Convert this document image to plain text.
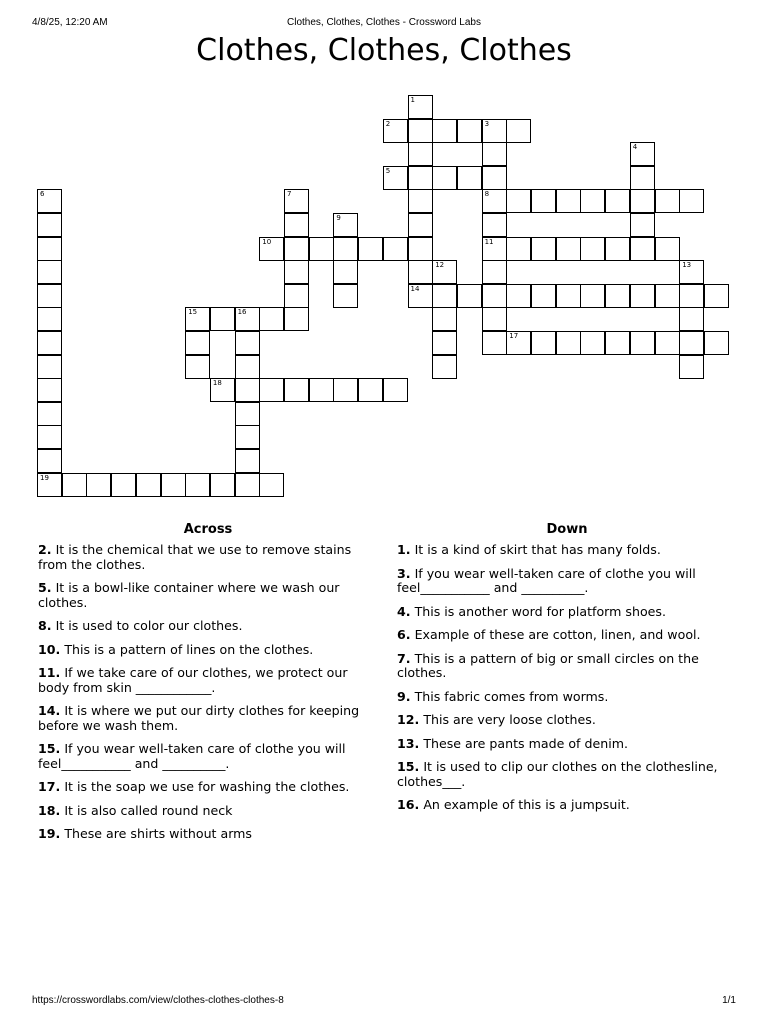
4/8/25, 12:20 AM	Clothes, Clothes, Clothes - Crossword Labs
Clothes, Clothes, Clothes
1
14
2	3
8
11
4
5
6	7
9
10
12	13
15	16
17
18
19
Across

2. It is the chemical that we use to remove stains from the clothes.

5. It is a bowl-like container where we wash our clothes.

8. It is used to color our clothes.

10. This is a pattern of lines on the clothes.

11. If we take care of our clothes, we protect our body from skin ____________.

14. It is where we put our dirty clothes for keeping before we wash them.

15. If you wear well-taken care of clothe you will feel___________ and __________.

17. It is the soap we use for washing the clothes.

18. It is also called round neck

19. These are shirts without arms

Down

1. It is a kind of skirt that has many folds.

3. If you wear well-taken care of clothe you will feel___________ and __________.

4. This is another word for platform shoes.

6. Example of these are cotton, linen, and wool.

7. This is a pattern of big or small circles on the clothes.

9. This fabric comes from worms.

12. This are very loose clothes.

13. These are pants made of denim.

15. It is used to clip our clothes on the clothesline, clothes___.

16. An example of this is a jumpsuit.

https://crosswordlabs.com/view/clothes-clothes-clothes-8	1/1
